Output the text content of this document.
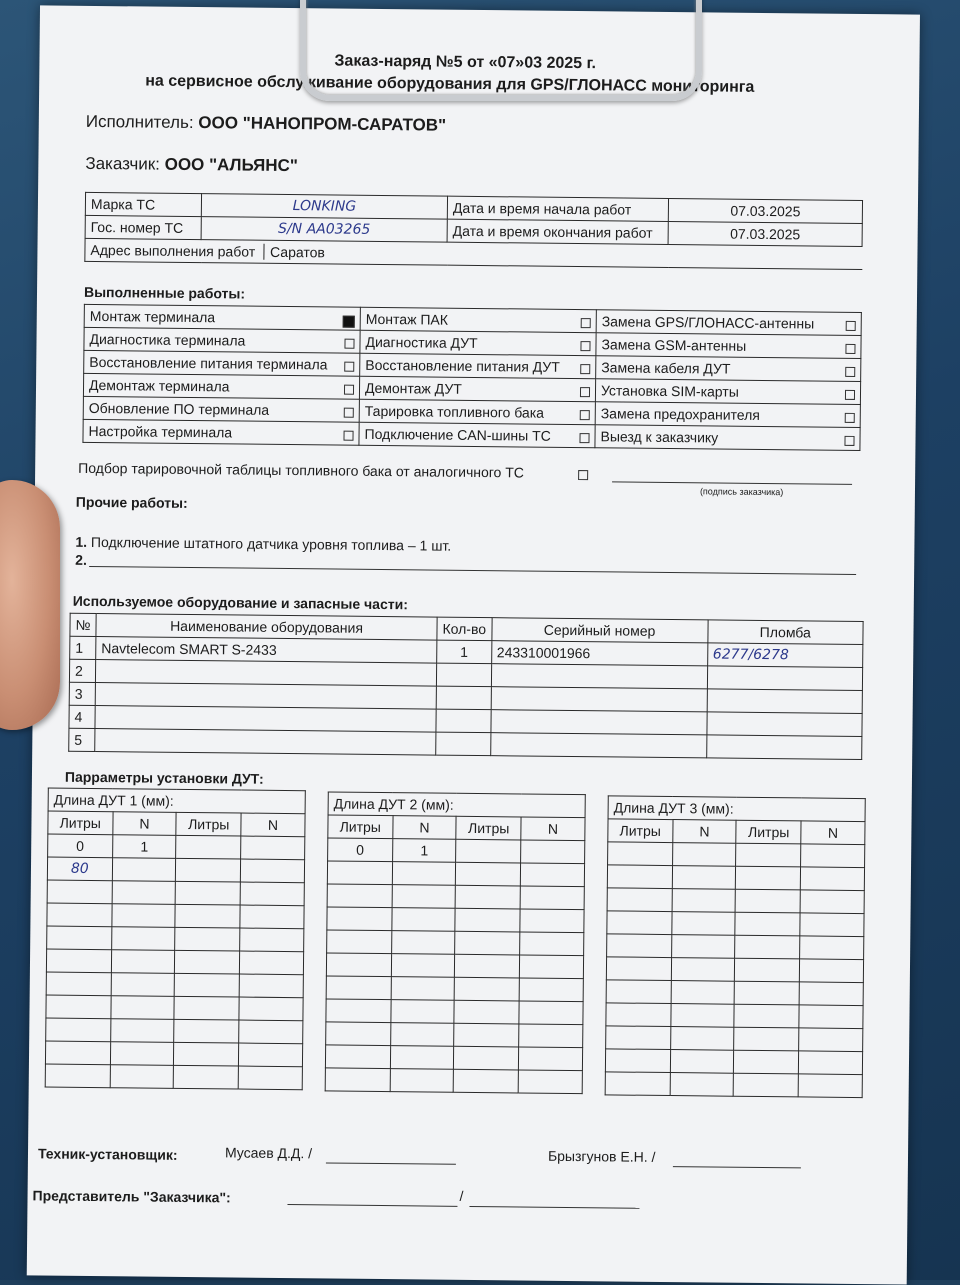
Заказ-наряд №5 от «07»03 2025 г.
на сервисное обслуживание оборудования для GPS/ГЛОНАСС мониторинга
Исполнитель: ООО "НАНОПРОМ-САРАТОВ"
Заказчик: ООО "АЛЬЯНС"
Марка ТС	LONKING	Дата и время начала работ	07.03.2025
Гос. номер ТС	S/N AA03265	Дата и время окончания работ	07.03.2025
Адрес выполнения работ Саратов			
Выполненные работы:
Монтаж терминала	Монтаж ПАК	Замена GPS/ГЛОНАСС-антенны

Диагностика терминала	Диагностика ДУТ	Замена GSM-антенны

Восстановление питания терминала	Восстановление питания ДУТ	Замена кабеля ДУТ

Демонтаж терминала	Демонтаж ДУТ	Установка SIM-карты

Обновление ПО терминала	Тарировка топливного бака	Замена предохранителя

Настройка терминала	Подключение CAN-шины ТС	Выезд к заказчику
Подбор тарировочной таблицы топливного бака от аналогичного ТС
(подпись заказчика)
Прочие работы:
1. Подключение штатного датчика уровня топлива – 1 шт.
2.
Используемое оборудование и запасные части:
№	Наименование оборудования	Кол-во	Серийный номер	Пломба
1	Navtelecom SMART S-2433	1	243310001966	6277/6278
2				
3				
4				
5				
Парраметры установки ДУТ:
Длина ДУТ 1 (мм):			
Литры	N	Литры	N
0	1		
80			

Длина ДУТ 2 (мм):			
Литры	N	Литры	N
0	1		

Длина ДУТ 3 (мм):			
Литры	N	Литры	N

Техник-установщик:	Мусаев Д.Д. /	Брызгунов Е.Н. /
Представитель "Заказчика":	/
